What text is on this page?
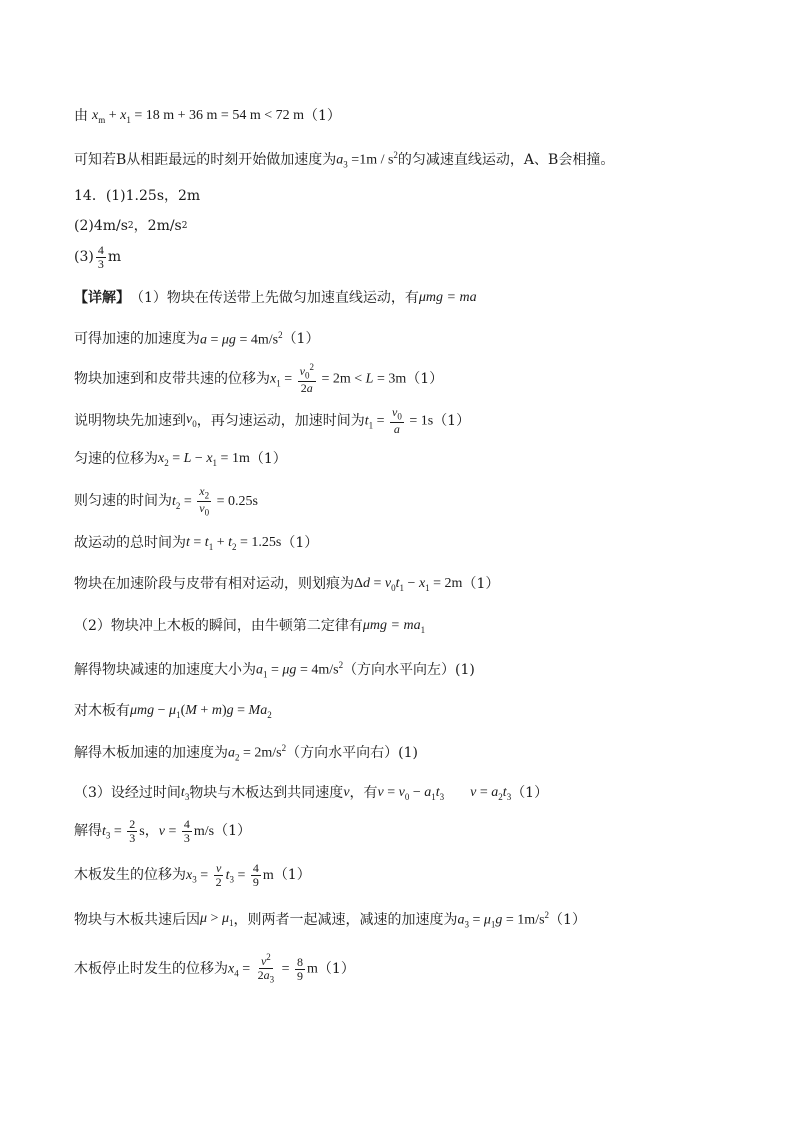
由 $x_m + x_1 = 18$ m + 36 m = 54 m < 72 m （1）
可知若B从相距最远的时刻开始做加速度为 $a_3 =1m / s^2$ 的匀减速直线运动，A、B会相撞。
14．(1)1.25s，2m
(2)4m/s 2 ，2m/s 2
$(3) \frac{4}{3}$ m
【详解】 （1）物块在传送带上先做匀加速直线运动，有 μmg = ma
可得加速的加速度为 $a = \mu g = 4m/s^2$ （1）
物块加速到和皮带共速的位移为 $x_1 = \frac{v_0^2}{2a} = 2m < L = 3m$ （1）
说明物块先加速到 $v_0$ ，再匀速运动，加速时间为 $t_1 = \frac{v_0}{a} = 1s$ （1）
匀速的位移为 $x_2 = L - x_1 = 1m$ （1）
则匀速的时间为 $t_2 = \frac{x_2}{v_0} = 0.25s$
故运动的总时间为 $t = t_1 + t_2 = 1.25s$ （1）
物块在加速阶段与皮带有相对运动，则划痕为 $\Delta d = v_0t_1 - x_1 = 2m$ （1）
（2）物块冲上木板的瞬间，由牛顿第二定律有 $\mu mg = ma_1$
解得物块减速的加速度大小为 $a_1 = \mu g = 4m/s^2$ （方向水平向左）(1)
对木板有 $\mu mg - \mu_1(M + m)g = Ma_2$
解得木板加速的加速度为 $a_2 = 2m/s^2$ （方向水平向右）(1)
（3）设经过时间 $t_3$ 物块与木板达到共同速度 v ，有 $v = v_0 - a_1t_3$ $v = a_2t_3$ （1）
解得 $t_3 = \frac{2}{3}$ s，$v = \frac{4}{3} m/s$ （1）
木板发生的位移为 $x_3 = \frac{v}{2} t_3 = \frac{4}{9}$ m （1）
物块与木板共速后因 $\mu > \mu_1$ ，则两者一起减速，减速的加速度为 $a_3 = \mu_1g = 1m/s^2$ （1）
木板停止时发生的位移为 $x_4 = \frac{v^2}{2a_3} = \frac{8}{9}$ m （1）
